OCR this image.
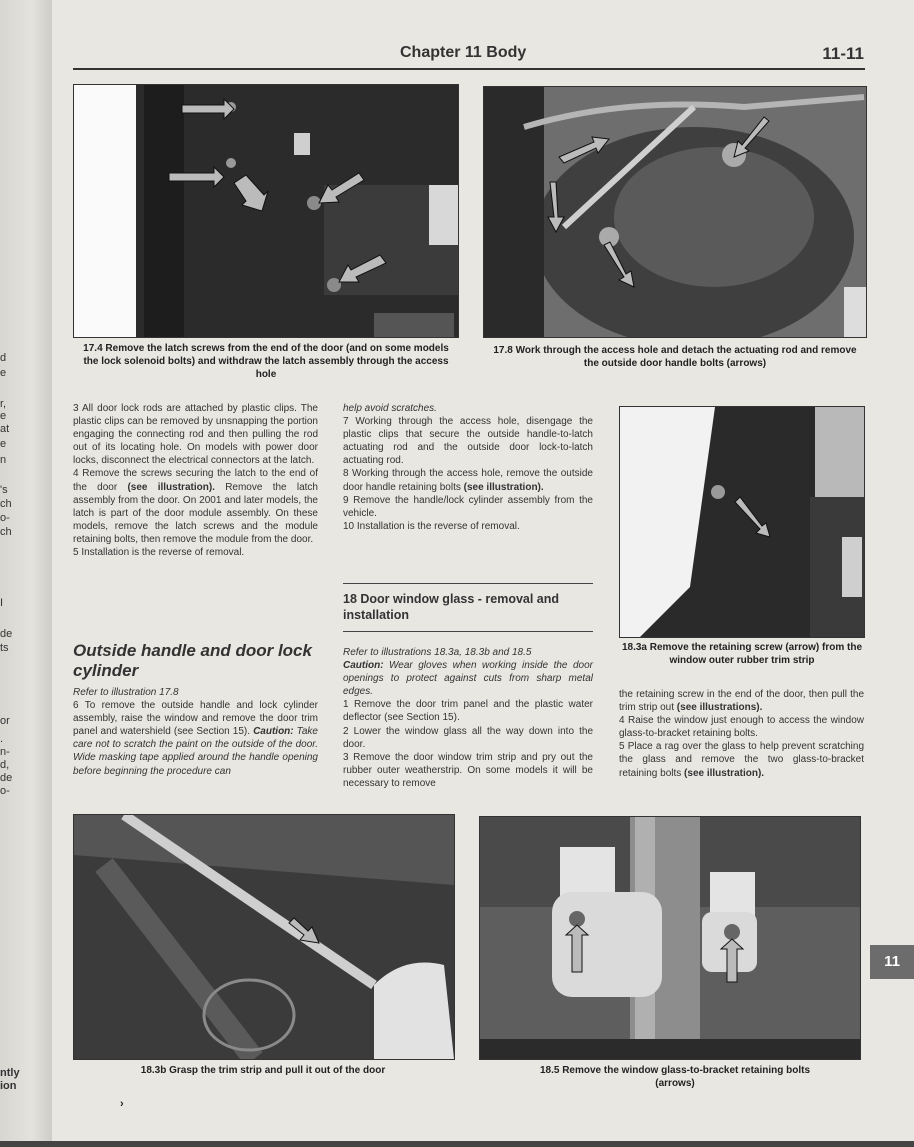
d
e
r,
e
at
e
n
's
ch
o-
ch
I
de
ts
or
.
n-
d,
de
o-
ntly
ion
Chapter 11 Body	11-11
17.4 Remove the latch screws from the end of the door (and on some models the lock solenoid bolts) and withdraw the latch assembly through the access hole
17.8 Work through the access hole and detach the actuating rod and remove the outside door handle bolts (arrows)

3 All door lock rods are attached by plastic clips. The plastic clips can be removed by unsnapping the portion engaging the connecting rod and then pulling the rod out of its locating hole. On models with power door locks, disconnect the electrical connectors at the latch.

4 Remove the screws securing the latch to the end of the door (see illustration). Remove the latch assembly from the door. On 2001 and later models, the latch is part of the door module assembly. On these models, remove the latch screws and the module retaining bolts, then remove the module from the door.

5 Installation is the reverse of removal.

Outside handle and door lock cylinder

Refer to illustration 17.8

6 To remove the outside handle and lock cylinder assembly, raise the window and remove the door trim panel and watershield (see Section 15). Caution: Take care not to scratch the paint on the outside of the door. Wide masking tape applied around the handle opening before beginning the procedure can

help avoid scratches.

7 Working through the access hole, disengage the plastic clips that secure the outside handle-to-latch actuating rod and the outside door lock-to-latch actuating rod.

8 Working through the access hole, remove the outside door handle retaining bolts (see illustration).

9 Remove the handle/lock cylinder assembly from the vehicle.

10 Installation is the reverse of removal.

18 Door window glass - removal and installation

Refer to illustrations 18.3a, 18.3b and 18.5

Caution: Wear gloves when working inside the door openings to protect against cuts from sharp metal edges.

1 Remove the door trim panel and the plastic water deflector (see Section 15).

2 Lower the window glass all the way down into the door.

3 Remove the door window trim strip and pry out the rubber outer weatherstrip. On some models it will be necessary to remove

18.3a Remove the retaining screw (arrow) from the window outer rubber trim strip

the retaining screw in the end of the door, then pull the trim strip out (see illustrations).

4 Raise the window just enough to access the window glass-to-bracket retaining bolts.

5 Place a rag over the glass to help prevent scratching the glass and remove the two glass-to-bracket retaining bolts (see illustration).

18.3b Grasp the trim strip and pull it out of the door	18.5 Remove the window glass-to-bracket retaining bolts (arrows)
›
11
